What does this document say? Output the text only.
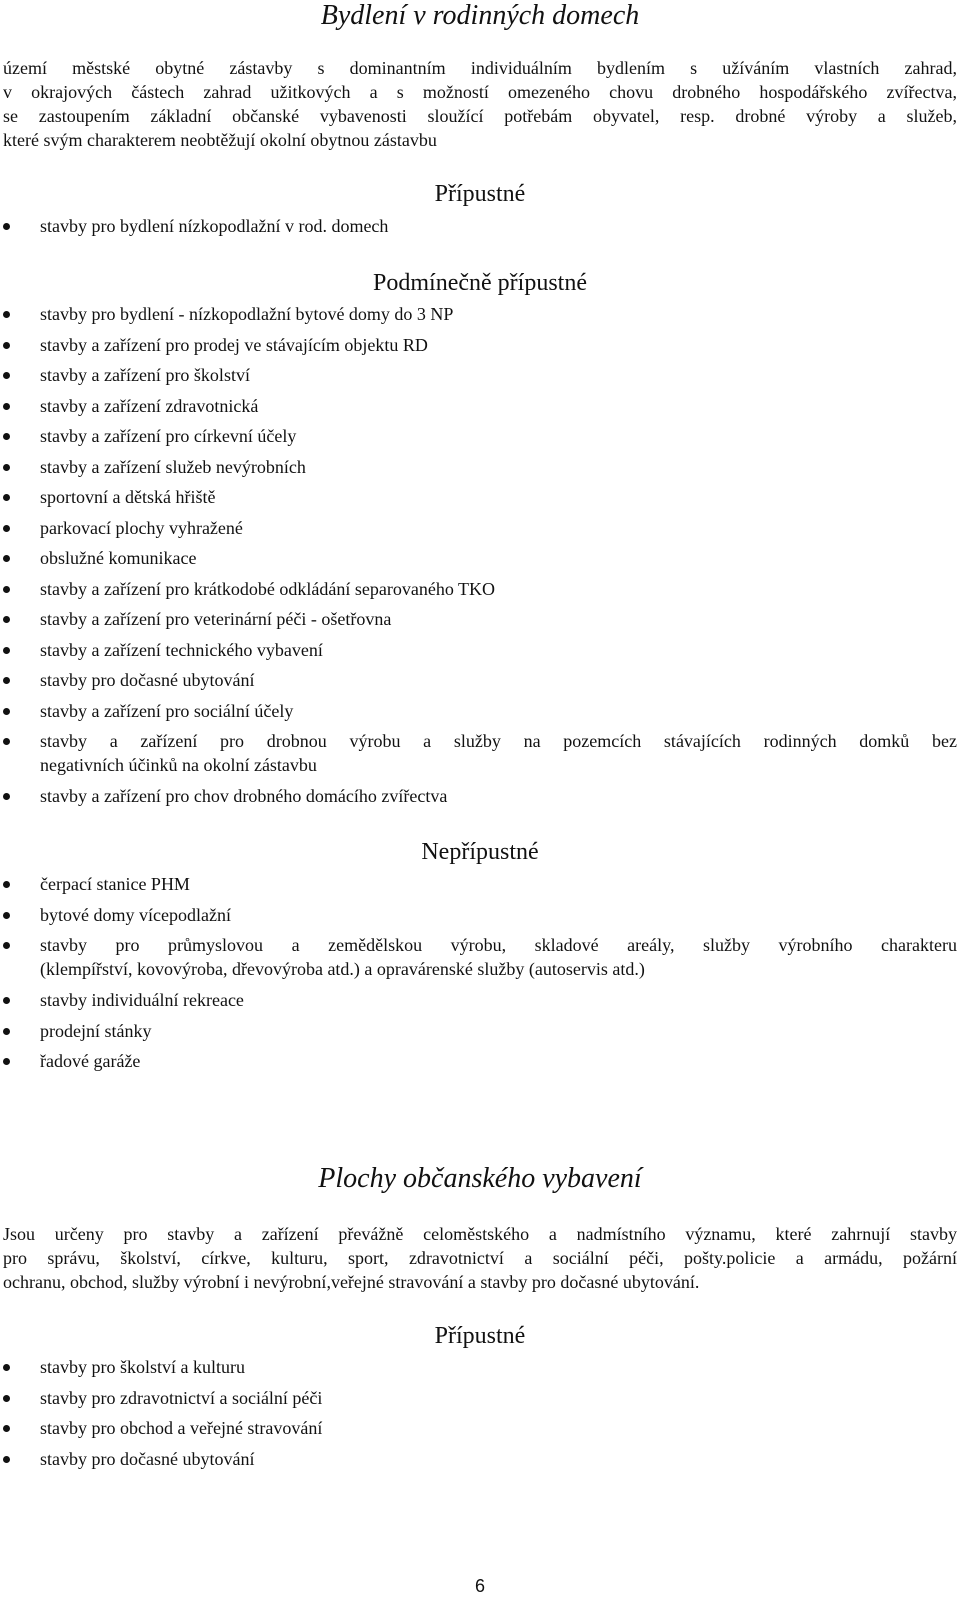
Bydlení v rodinných domech
území městské obytné zástavby s dominantním individuálním bydlením s užíváním vlastních zahrad,
v okrajových částech zahrad užitkových a s možností omezeného chovu drobného hospodářského zvířectva,
se zastoupením základní občanské vybavenosti sloužící potřebám obyvatel, resp. drobné výroby a služeb,
které svým charakterem neobtěžují okolní obytnou zástavbu
Přípustné
stavby pro bydlení nízkopodlažní v rod. domech
Podmínečně přípustné
stavby pro bydlení - nízkopodlažní bytové domy do 3 NP
stavby a zařízení pro prodej ve stávajícím objektu RD
stavby a zařízení pro školství
stavby a zařízení zdravotnická
stavby a zařízení pro církevní účely
stavby a zařízení služeb nevýrobních
sportovní a dětská hřiště
parkovací plochy vyhražené
obslužné komunikace
stavby a zařízení pro krátkodobé odkládání separovaného TKO
stavby a zařízení pro veterinární péči - ošetřovna
stavby a zařízení technického vybavení
stavby pro dočasné ubytování
stavby a zařízení pro sociální účely
stavby a zařízení pro drobnou výrobu a služby na pozemcích stávajících rodinných domků bez
negativních účinků na okolní zástavbu
stavby a zařízení pro chov drobného domácího zvířectva
Nepřípustné
čerpací stanice PHM
bytové domy vícepodlažní
stavby pro průmyslovou a zemědělskou výrobu, skladové areály, služby výrobního charakteru
(klempířství, kovovýroba, dřevovýroba atd.) a opravárenské služby (autoservis atd.)
stavby individuální rekreace
prodejní stánky
řadové garáže
Plochy občanského vybavení
Jsou určeny pro stavby a zařízení převážně celoměstského a nadmístního významu, které zahrnují stavby
pro správu, školství, církve, kulturu, sport, zdravotnictví a sociální péči, pošty.policie a armádu, požární
ochranu, obchod, služby výrobní i nevýrobní,veřejné stravování a stavby pro dočasné ubytování.
Přípustné
stavby pro školství a kulturu
stavby pro zdravotnictví a sociální péči
stavby pro obchod a veřejné stravování
stavby pro dočasné ubytování
6
